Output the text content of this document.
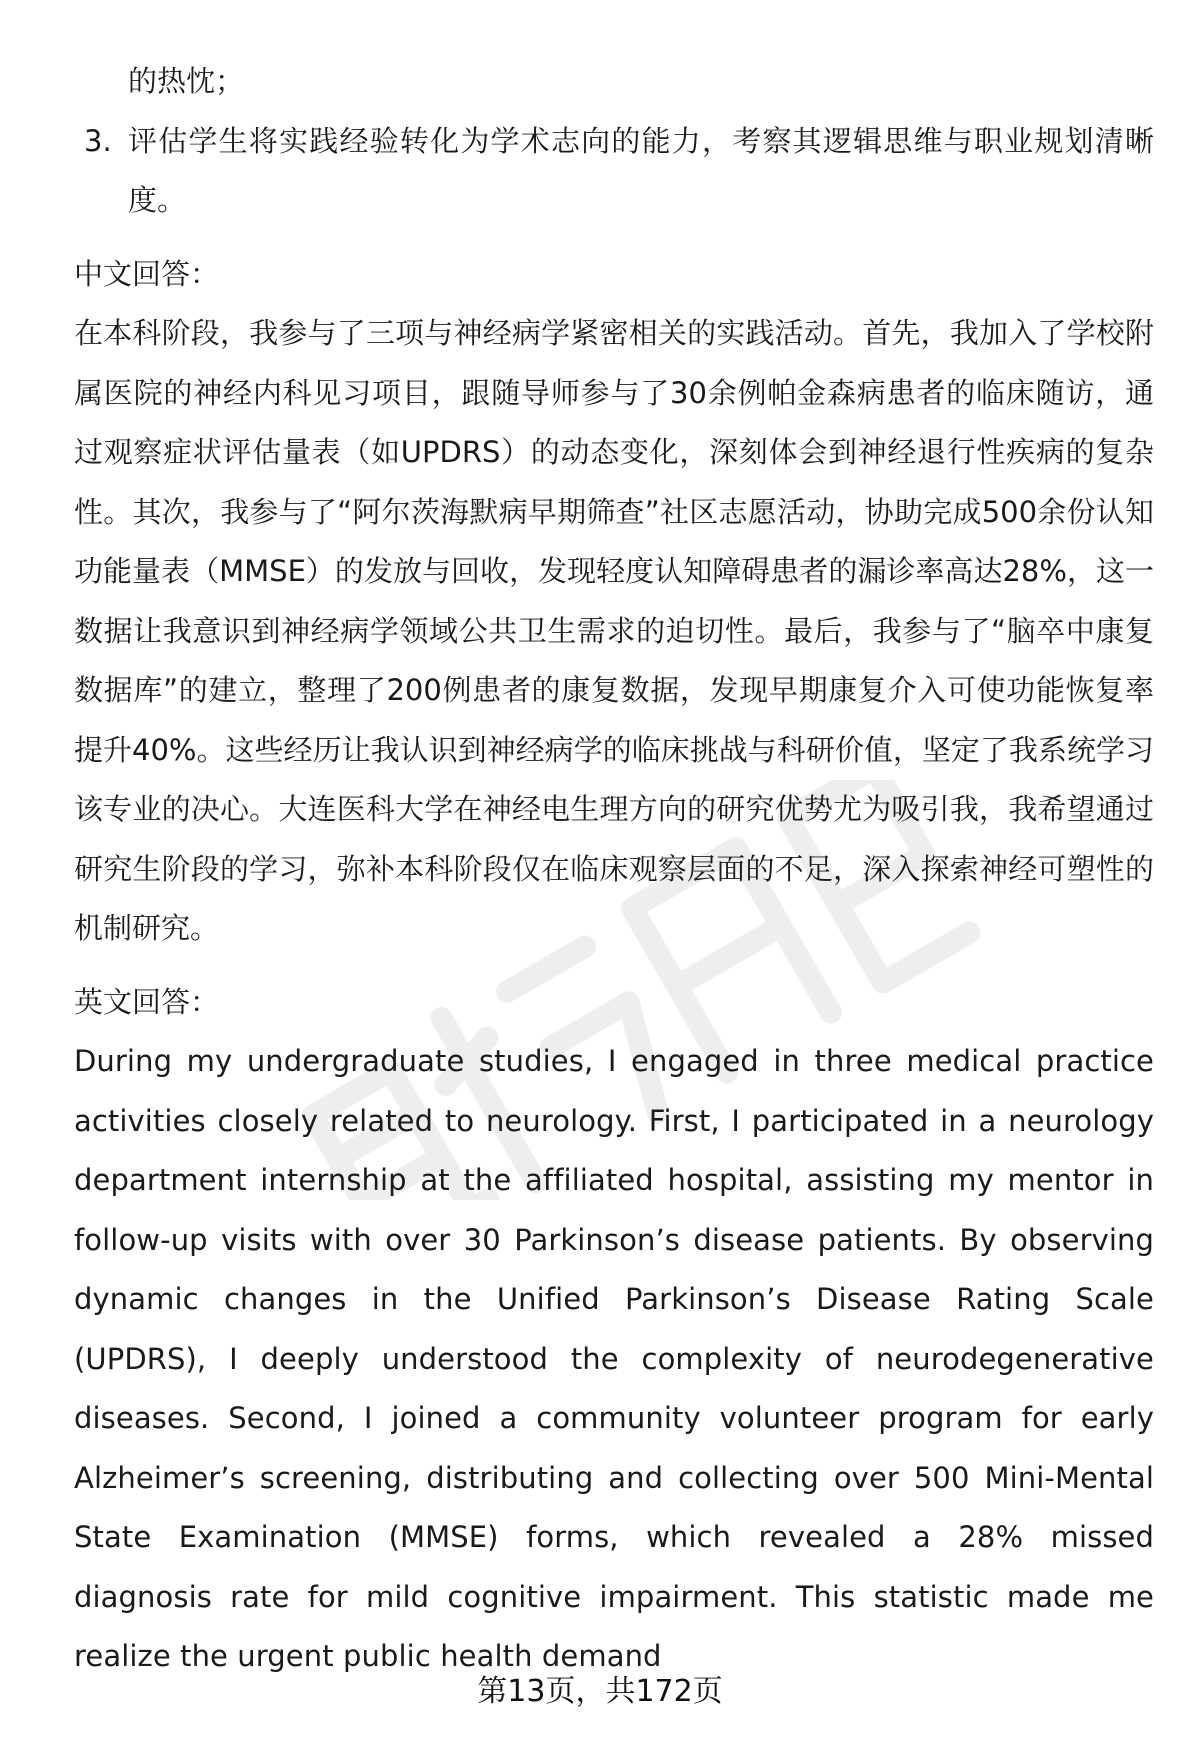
的热忱；

3. 评估学生将实践经验转化为学术志向的能力，考察其逻辑思维与职业规划清晰度。

中文回答：

在本科阶段，我参与了三项与神经病学紧密相关的实践活动。首先，我加入了学校附属医院的神经内科见习项目，跟随导师参与了30余例帕金森病患者的临床随访，通过观察症状评估量表（如UPDRS）的动态变化，深刻体会到神经退行性疾病的复杂性。其次，我参与了“阿尔茨海默病早期筛查”社区志愿活动，协助完成500余份认知功能量表（MMSE）的发放与回收，发现轻度认知障碍患者的漏诊率高达28%，这一数据让我意识到神经病学领域公共卫生需求的迫切性。最后，我参与了“脑卒中康复数据库”的建立，整理了200例患者的康复数据，发现早期康复介入可使功能恢复率提升40%。这些经历让我认识到神经病学的临床挑战与科研价值，坚定了我系统学习该专业的决心。大连医科大学在神经电生理方向的研究优势尤为吸引我，我希望通过研究生阶段的学习，弥补本科阶段仅在临床观察层面的不足，深入探索神经可塑性的机制研究。

英文回答：

During my undergraduate studies, I engaged in three medical practice activities closely related to neurology. First, I participated in a neurology department internship at the affiliated hospital, assisting my mentor in follow-up visits with over 30 Parkinson’s disease patients. By observing dynamic changes in the Unified Parkinson’s Disease Rating Scale (UPDRS), I deeply understood the complexity of neurodegenerative diseases. Second, I joined a community volunteer program for early Alzheimer’s screening, distributing and collecting over 500 Mini-Mental State Examination (MMSE) forms, which revealed a 28% missed diagnosis rate for mild cognitive impairment. This statistic made me realize the urgent public health demand

第13页，共172页
